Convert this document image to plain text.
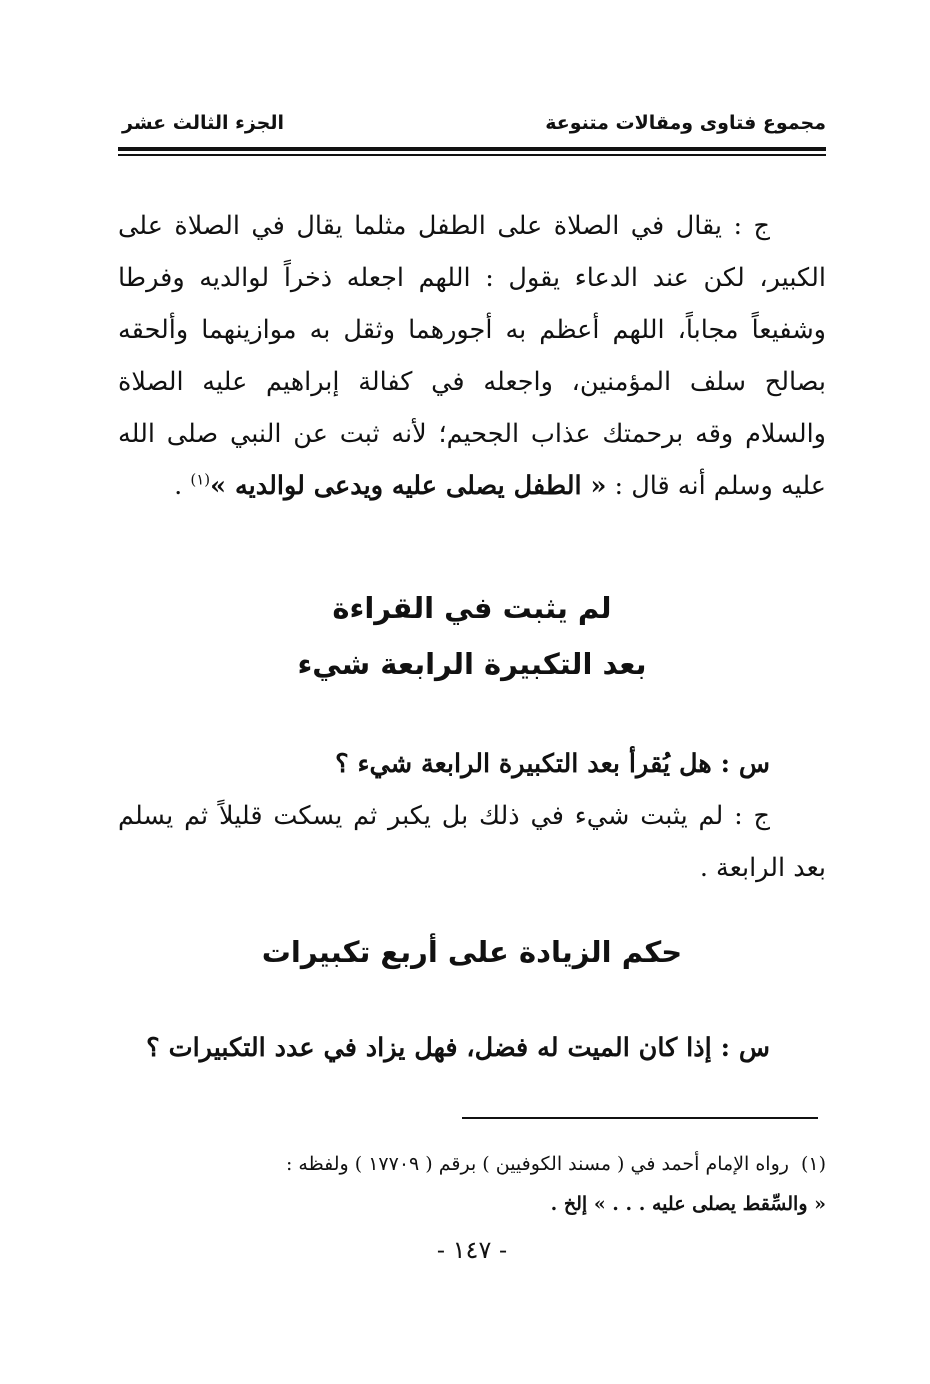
مجموع فتاوى ومقالات متنوعة
الجزء الثالث عشر
ج : يقال في الصلاة على الطفل مثلما يقال في الصلاة على الكبير، لكن عند الدعاء يقول : اللهم اجعله ذخراً لوالديه وفرطا وشفيعاً مجاباً، اللهم أعظم به أجورهما وثقل به موازينهما وألحقه بصالح سلف المؤمنين، واجعله في كفالة إبراهيم عليه الصلاة والسلام وقه برحمتك عذاب الجحيم؛ لأنه ثبت عن النبي صلى الله عليه وسلم أنه قال : « الطفل يصلى عليه ويدعى لوالديه »$^{(١)}$ .
لم يثبت في القراءة
بعد التكبيرة الرابعة شيء
س : هل يُقرأ بعد التكبيرة الرابعة شيء ؟
ج : لم يثبت شيء في ذلك بل يكبر ثم يسكت قليلاً ثم يسلم بعد الرابعة .
حكم الزيادة على أربع تكبيرات
س : إذا كان الميت له فضل، فهل يزاد في عدد التكبيرات ؟
(١)رواه الإمام أحمد في ( مسند الكوفيين ) برقم ( ١٧٧٠٩ ) ولفظه :
« والسِّقط يصلى عليه . . . » إلخ .
- ١٤٧ -
